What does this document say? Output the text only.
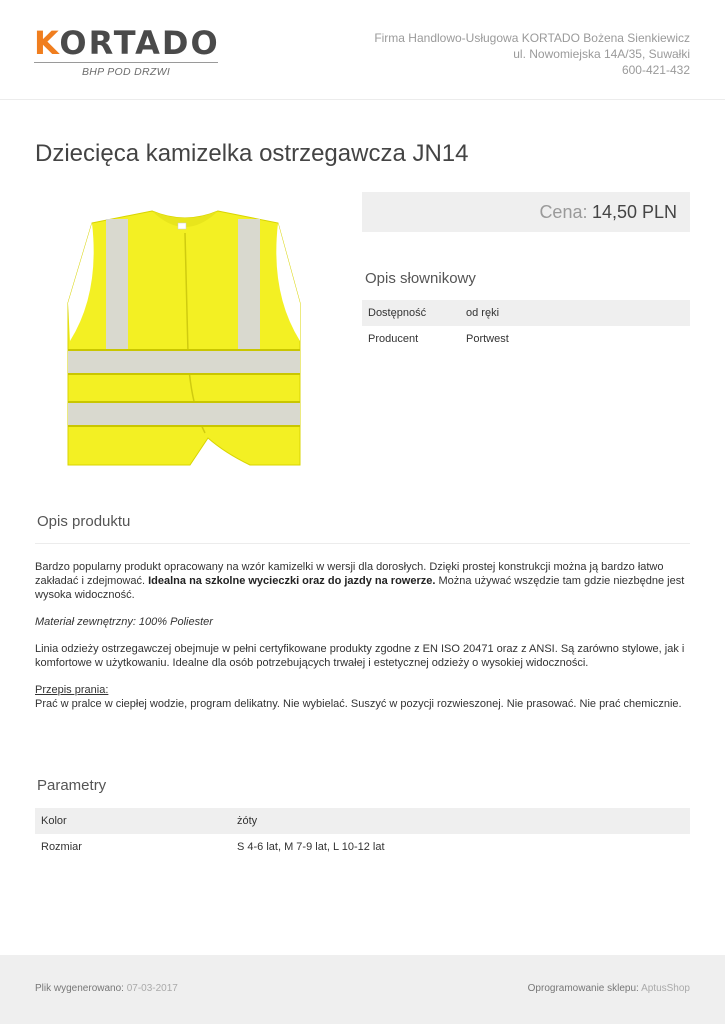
KORTADO
BHP POD DRZWI
Firma Handlowo-Usługowa KORTADO Bożena Sienkiewicz
ul. Nowomiejska 14A/35, Suwałki
600-421-432
Dziecięca kamizelka ostrzegawcza JN14
Cena: 14,50 PLN
Opis słownikowy
Dostępność	od ręki
Producent	Portwest
Opis produktu

Bardzo popularny produkt opracowany na wzór kamizelki w wersji dla dorosłych. Dzięki prostej konstrukcji można ją bardzo łatwo zakładać i zdejmować. Idealna na szkolne wycieczki oraz do jazdy na rowerze. Można używać wszędzie tam gdzie niezbędne jest wysoka widoczność.

Materiał zewnętrzny: 100% Poliester

Linia odzieży ostrzegawczej obejmuje w pełni certyfikowane produkty zgodne z EN ISO 20471 oraz z ANSI. Są zarówno stylowe, jak i komfortowe w użytkowaniu. Idealne dla osób potrzebujących trwałej i estetycznej odzieży o wysokiej widoczności.

Przepis prania:
Prać w pralce w ciepłej wodzie, program delikatny. Nie wybielać. Suszyć w pozycji rozwieszonej. Nie prasować. Nie prać chemicznie.

Parametry
Kolor	żóty
Rozmiar	S 4-6 lat, M 7-9 lat, L 10-12 lat
Plik wygenerowano: 07-03-2017	Oprogramowanie sklepu: AptusShop
